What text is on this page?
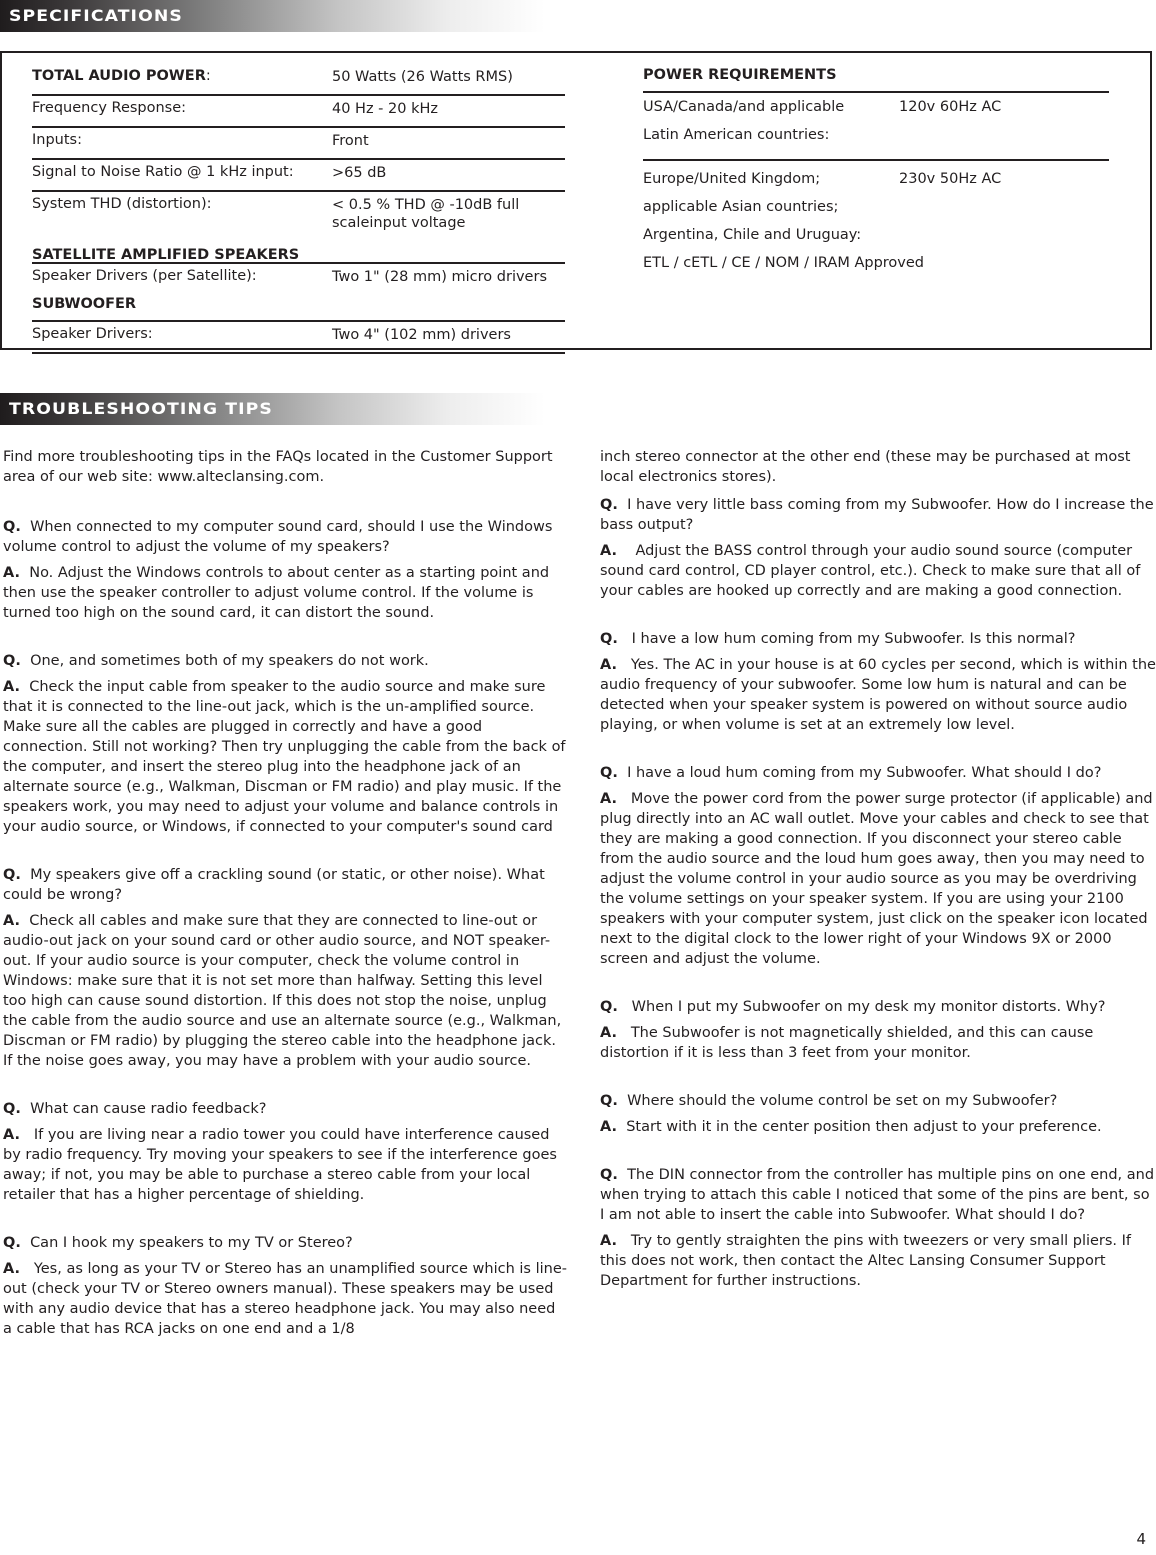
SPECIFICATIONS
TOTAL AUDIO POWER:	50 Watts (26 Watts RMS)
Frequency Response:	40 Hz - 20 kHz
Inputs:	Front
Signal to Noise Ratio @ 1 kHz input:	>65 dB
System THD (distortion):	< 0.5 % THD @ -10dB full scaleinput voltage
SATELLITE AMPLIFIED SPEAKERS
Speaker Drivers (per Satellite):	Two 1" (28 mm) micro drivers
SUBWOOFER
Speaker Drivers:	Two 4" (102 mm) drivers
POWER REQUIREMENTS
USA/Canada/and applicable	120v 60Hz AC
Latin American countries:
Europe/United Kingdom;	230v 50Hz AC
applicable Asian countries;
Argentina, Chile and Uruguay:
ETL / cETL / CE / NOM / IRAM Approved
TROUBLESHOOTING TIPS

Find more troubleshooting tips in the FAQs located in the Customer Support area of our web site: www.alteclansing.com.

Q. When connected to my computer sound card, should I use the Windows volume control to adjust the volume of my speakers?

A. No. Adjust the Windows controls to about center as a starting point and then use the speaker controller to adjust volume control. If the volume is turned too high on the sound card, it can distort the sound.

Q. One, and sometimes both of my speakers do not work.

A. Check the input cable from speaker to the audio source and make sure that it is connected to the line-out jack, which is the un-amplified source. Make sure all the cables are plugged in correctly and have a good connection. Still not working? Then try unplugging the cable from the back of the computer, and insert the stereo plug into the headphone jack of an alternate source (e.g., Walkman, Discman or FM radio) and play music. If the speakers work, you may need to adjust your volume and balance controls in your audio source, or Windows, if connected to your computer's sound card

Q. My speakers give off a crackling sound (or static, or other noise). What could be wrong?

A. Check all cables and make sure that they are connected to line-out or audio-out jack on your sound card or other audio source, and NOT speaker-out. If your audio source is your computer, check the volume control in Windows: make sure that it is not set more than halfway. Setting this level too high can cause sound distortion. If this does not stop the noise, unplug the cable from the audio source and use an alternate source (e.g., Walkman, Discman or FM radio) by plugging the stereo cable into the headphone jack. If the noise goes away, you may have a problem with your audio source.

Q. What can cause radio feedback?

A. If you are living near a radio tower you could have interference caused by radio frequency. Try moving your speakers to see if the interference goes away; if not, you may be able to purchase a stereo cable from your local retailer that has a higher percentage of shielding.

Q. Can I hook my speakers to my TV or Stereo?

A. Yes, as long as your TV or Stereo has an unamplified source which is line-out (check your TV or Stereo owners manual). These speakers may be used with any audio device that has a stereo headphone jack. You may also need a cable that has RCA jacks on one end and a 1/8

inch stereo connector at the other end (these may be purchased at most local electronics stores).

Q. I have very little bass coming from my Subwoofer. How do I increase the bass output?

A. Adjust the BASS control through your audio sound source (computer sound card control, CD player control, etc.). Check to make sure that all of your cables are hooked up correctly and are making a good connection.

Q. I have a low hum coming from my Subwoofer. Is this normal?

A. Yes. The AC in your house is at 60 cycles per second, which is within the audio frequency of your subwoofer. Some low hum is natural and can be detected when your speaker system is powered on without source audio playing, or when volume is set at an extremely low level.

Q. I have a loud hum coming from my Subwoofer. What should I do?

A. Move the power cord from the power surge protector (if applicable) and plug directly into an AC wall outlet. Move your cables and check to see that they are making a good connection. If you disconnect your stereo cable from the audio source and the loud hum goes away, then you may need to adjust the volume control in your audio source as you may be overdriving the volume settings on your speaker system. If you are using your 2100 speakers with your computer system, just click on the speaker icon located next to the digital clock to the lower right of your Windows 9X or 2000 screen and adjust the volume.

Q. When I put my Subwoofer on my desk my monitor distorts. Why?

A. The Subwoofer is not magnetically shielded, and this can cause distortion if it is less than 3 feet from your monitor.

Q. Where should the volume control be set on my Subwoofer?

A. Start with it in the center position then adjust to your preference.

Q. The DIN connector from the controller has multiple pins on one end, and when trying to attach this cable I noticed that some of the pins are bent, so I am not able to insert the cable into Subwoofer. What should I do?

A. Try to gently straighten the pins with tweezers or very small pliers. If this does not work, then contact the Altec Lansing Consumer Support Department for further instructions.

4
